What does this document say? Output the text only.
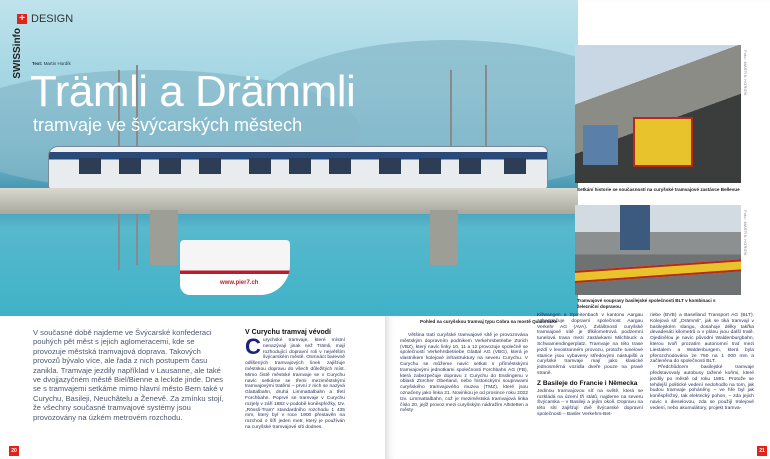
www.pier7.ch
+ DESIGN
SWISSinfo Text: Martin Hordík
Trämli a Drämmli
tramvaje ve švýcarských městech
Foto: MARTIN HORDÍK
Setkání historie se současností na curyšské tramvajové zastávce Bellevue
Foto: MARTIN HORDÍK
Tramvajové soupravy basilejské společnosti BLT v kombinaci s železniční dopravou
Pohled na curyšskou tramvaj typu Cobra na mostě Quaibrücke
V současné době najdeme ve Švýcarské konfederaci pouhých pět měst s jejich aglomeracemi, kde se provozuje městská tramvajová doprava. Takových provozů bývalo více, ale řada z nich postupem času zanikla. Tramvaje jezdily například v Lausanne, ale také ve dvojjazyčném městě Biel/Bienne a leckde jinde. Dnes se s tramvajemi setkáme mimo hlavní město Bern také v Curychu, Basileji, Neuchâtelu a Ženevě. Za zmínku stojí, že všechny současné tramvajové systémy jsou provozovány na úzkém metrovém rozchodu.
V Curychu tramvaj vévodí
C urychské tramvaje, které místní nenazývají jinak než Trämli, mají rozhodující dopravní roli v největším švýcarském městě. Osmnáct barevně odlišených tramvajových linek zajišťuje městskou dopravu do všech důležitých míst. Mimo čistě městské tramvaje se v Curychu navíc setkáme se třemi meziměstskými tramvajovými tratěmi – první z nich se nazývá Glattalbahn, druhá Limmattalbahn a třetí Forchbahn. Poprvé se tramvaje v Curychu rozjely v září 1882 v podobě koněspřežky, tzv. „Rössli-Tram“ standardního rozchodu 1 435 mm, který byl v roce 1900 přestavěn na rozchod o šíři jeden metr, který je používán na curyšské tramvajové síti dodnes.
Většina tratí curyšské tramvajové sítě je provozována městským dopravním podnikem Verkehrsbetriebe Zürich (VBZ), který navíc linky 10, 11 a 12 provozuje společně se společností Verkehrsbetriebe Glattal AG (VBG), která je vlastníkem kolejové infrastruktury na severu Curychu. V Curychu se můžeme navíc setkat s příměstskými tramvajovými jednotkami společnosti Forchbahn AG (FB), která zabezpečuje dopravu z Curychu do Esslingenu v oblasti Zürcher Oberland, nebo historickými soupravami curyšského tramvajového muzea (TMZ), které jsou označeny jako linka 21. Novinkou je od prosince roku 2022 tzv. Limmattalbahn, což je meziměstská tramvajová linka číslo 20, jejíž provoz mezi curyšským nádražím Altstetten a městy
Killwangen a Spreitenbach v kantonu Aargau zabezpečuje dopravní společnost Aargau Verkehr AG (AVA). Zvláštností curyšské tramvajové sítě je třikilometrová podzemní tunelová trasa mezi zastávkami Milchbuck a Schwamendingerplatz. Tramvaje na této trase jezdí v levostranném provozu, protože tunelové stanice jsou vybaveny středovými nástupišti a curyšské tramvaje mají jako klasické jednosměrná vozidla dveře pouze na pravé straně.
Z Basileje do Francie i Německa
Jedinou tramvajovou síť na světě, která se rozkládá na území tří států, najdeme na severu Švýcarska – v Basileji a jejím okolí. Dopravu na této síti zajišťují dvě švýcarské dopravní společnosti – Basler Verkehrs-Bet-
riebe (BVB) a Baselland Transport AG (BLT). Kolejová síť „Drämmli“, jak se tiká tramvají v basilejském slangu, dosahuje délky takřka devadesáti kilometrů a v plánu jsou další tratě. Ojedinělou je navíc původní Waldenburgbahn, kterou tvoří prozatím autonomní trať mezi Liestalem a Waldenburgem, která byla přerozchodována ze 750 na 1 000 mm a začleněna do společnosti BLT.
Předchůdcem basilejské tramvaje představovaly autobusy tažené koňmi, které jezdily po městě od roku 1881. Protože se tehdejší politické vedení nedohodlo na tom, jak budou tramvaje poháněny – ve hře byl jak koněspřežný, tak elektrický pohon, – zda jejich navíc s dieselovou, zda se použijí trolejové vedení, nebo akumulátory, projekt tramva-
20	21
